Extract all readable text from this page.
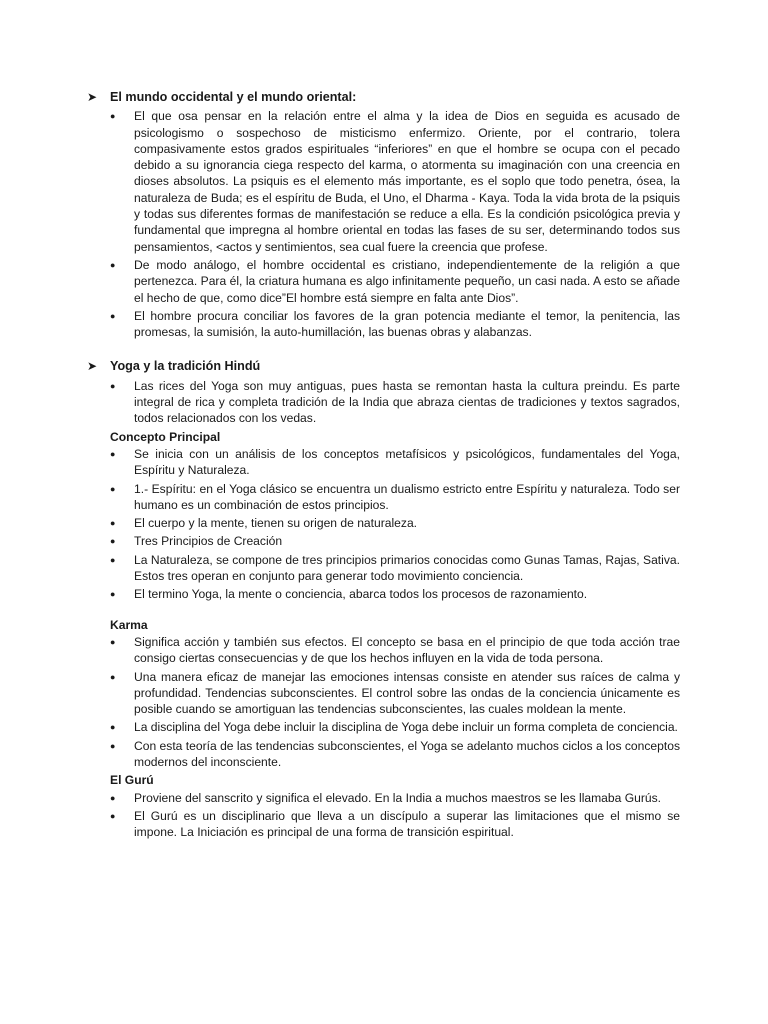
➤	El mundo occidental y el mundo oriental:
●	El que osa pensar en la relación entre el alma y la idea de Dios en seguida es acusado de psicologismo o sospechoso de misticismo enfermizo. Oriente, por el contrario, tolera compasivamente estos grados espirituales “inferiores” en que el hombre se ocupa con el pecado debido a su ignorancia ciega respecto del karma, o atormenta su imaginación con una creencia en dioses absolutos. La psiquis es el elemento más importante, es el soplo que todo penetra, ósea, la naturaleza de Buda; es el espíritu de Buda, el Uno, el Dharma - Kaya. Toda la vida brota de la psiquis y todas sus diferentes formas de manifestación se reduce a ella. Es la condición psicológica previa y fundamental que impregna al hombre oriental en todas las fases de su ser, determinando todos sus pensamientos, <actos y sentimientos, sea cual fuere la creencia que profese.
●	De modo análogo, el hombre occidental es cristiano, independientemente de la religión a que pertenezca. Para él, la criatura humana es algo infinitamente pequeño, un casi nada. A esto se añade el hecho de que, como dice”El hombre está siempre en falta ante Dios”.
●	El hombre procura conciliar los favores de la gran potencia mediante el temor, la penitencia, las promesas, la sumisión, la auto-humillación, las buenas obras y alabanzas.
➤	Yoga y la tradición Hindú
●	Las rices del Yoga son muy antiguas, pues hasta se remontan hasta la cultura preindu. Es parte integral de rica y completa tradición de la India que abraza cientas de tradiciones y textos sagrados, todos relacionados con los vedas.
Concepto Principal
●	Se inicia con un análisis de los conceptos metafísicos y psicológicos, fundamentales del Yoga, Espíritu y Naturaleza.
●	1.- Espíritu: en el Yoga clásico se encuentra un dualismo estricto entre Espíritu y naturaleza. Todo ser humano es un combinación de estos principios.
●	El cuerpo y la mente, tienen su origen de naturaleza.
●	Tres Principios de Creación
●	La Naturaleza, se compone de tres principios primarios conocidas como Gunas Tamas, Rajas, Sativa. Estos tres operan en conjunto para generar todo movimiento conciencia.
●	El termino Yoga, la mente o conciencia, abarca todos los procesos de razonamiento.
Karma
●	Significa acción y también sus efectos. El concepto se basa en el principio de que toda acción trae consigo ciertas consecuencias y de que los hechos influyen en la vida de toda persona.
●	Una manera eficaz de manejar las emociones intensas consiste en atender sus raíces de calma y profundidad. Tendencias subconscientes. El control sobre las ondas de la conciencia únicamente es posible cuando se amortiguan las tendencias subconscientes, las cuales moldean la mente.
●	La disciplina del Yoga debe incluir la disciplina de Yoga debe incluir un forma completa de conciencia.
●	Con esta teoría de las tendencias subconscientes, el Yoga se adelanto muchos ciclos a los conceptos modernos del inconsciente.
El Gurú
●	Proviene del sanscrito y significa el elevado. En la India a muchos maestros se les llamaba Gurús.
●	El Gurú es un disciplinario que lleva a un discípulo a superar las limitaciones que el mismo se impone. La Iniciación es principal de una forma de transición espiritual.
